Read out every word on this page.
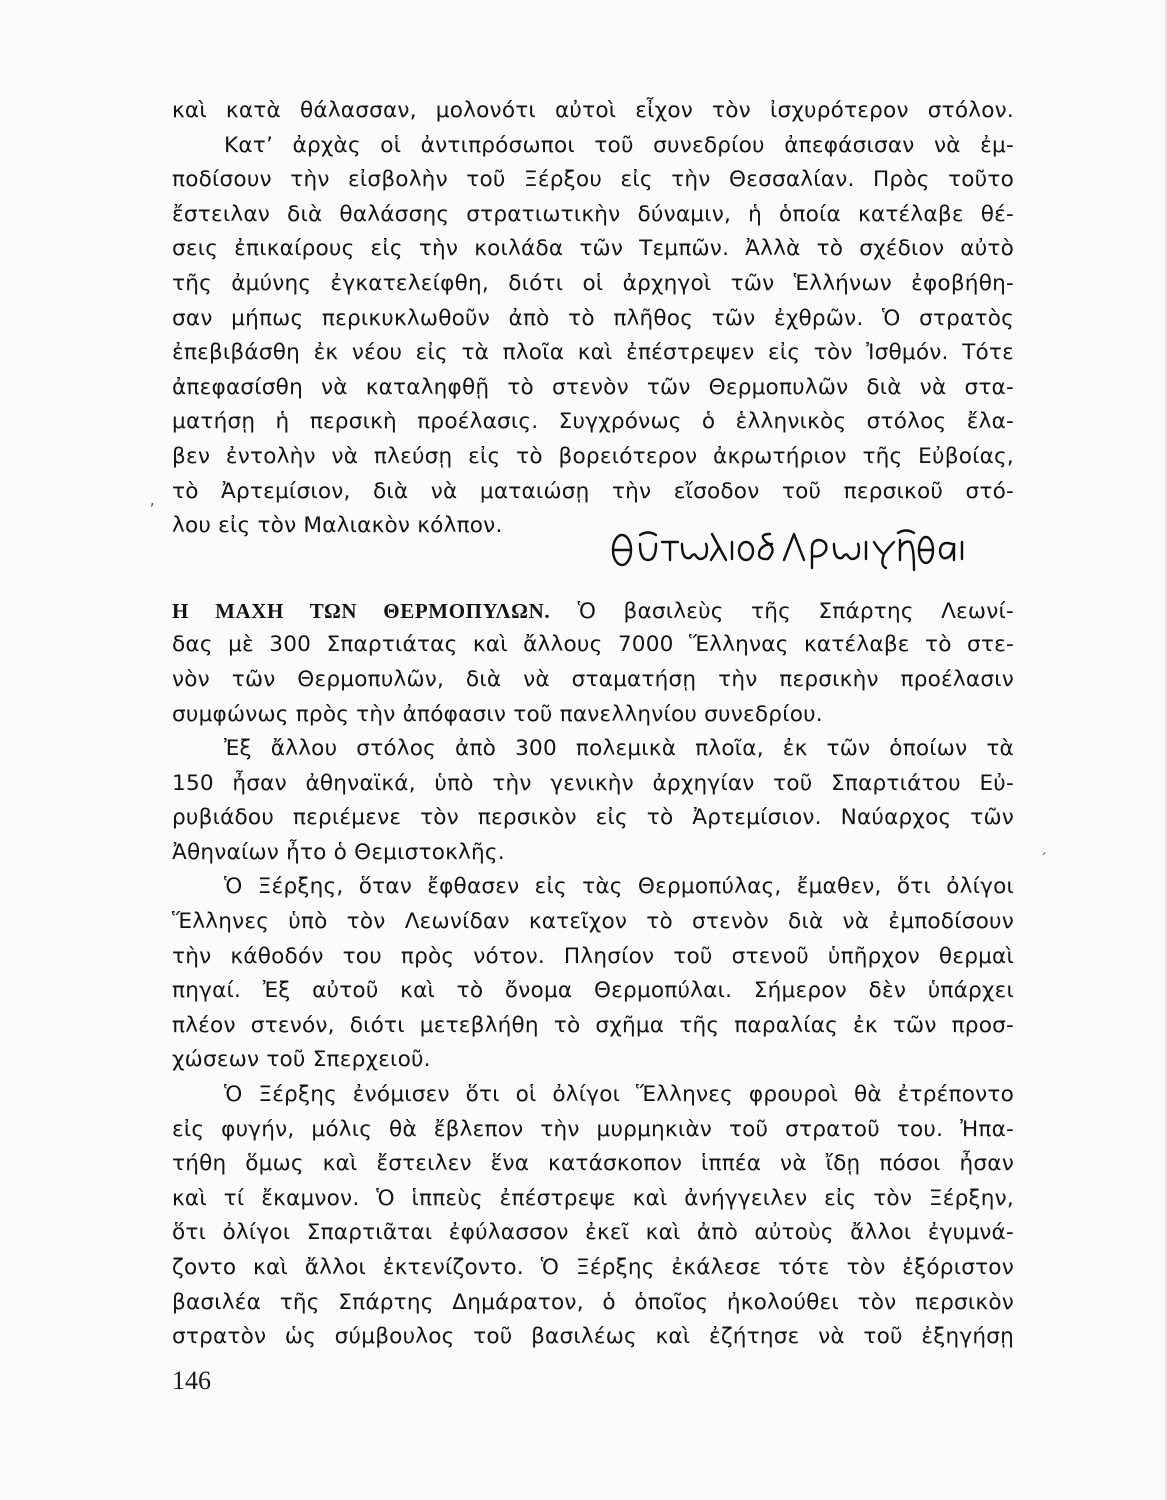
καὶ κατὰ θάλασσαν, μολονότι αὐτοὶ εἶχον τὸν ἰσχυρότερον στόλον.
Κατ’ ἀρχὰς οἱ ἀντιπρόσωποι τοῦ συνεδρίου ἀπεφάσισαν νὰ ἐμ-
ποδίσουν τὴν εἰσβολὴν τοῦ Ξέρξου εἰς τὴν Θεσσαλίαν. Πρὸς τοῦτο
ἔστειλαν διὰ θαλάσσης στρατιωτικὴν δύναμιν, ἡ ὁποία κατέλαβε θέ-
σεις ἐπικαίρους εἰς τὴν κοιλάδα τῶν Τεμπῶν. Ἀλλὰ τὸ σχέδιον αὐτὸ
τῆς ἀμύνης ἐγκατελείφθη, διότι οἱ ἀρχηγοὶ τῶν Ἑλλήνων ἐφοβήθη-
σαν μήπως περικυκλωθοῦν ἀπὸ τὸ πλῆθος τῶν ἐχθρῶν. Ὁ στρατὸς
ἐπεβιβάσθη ἐκ νέου εἰς τὰ πλοῖα καὶ ἐπέστρεψεν εἰς τὸν Ἰσθμόν. Τότε
ἀπεφασίσθη νὰ καταληφθῇ τὸ στενὸν τῶν Θερμοπυλῶν διὰ νὰ στα-
ματήσῃ ἡ περσικὴ προέλασις. Συγχρόνως ὁ ἑλληνικὸς στόλος ἔλα-
βεν ἐντολὴν νὰ πλεύσῃ εἰς τὸ βορειότερον ἀκρωτήριον τῆς Εὐβοίας,
τὸ Ἀρτεμίσιον, διὰ νὰ ματαιώσῃ τὴν εἴσοδον τοῦ περσικοῦ στό-
λου εἰς τὸν Μαλιακὸν κόλπον.
Η ΜΑΧΗ ΤΩΝ ΘΕΡΜΟΠΥΛΩΝ. Ὁ βασιλεὺς τῆς Σπάρτης Λεωνί-
δας μὲ 300 Σπαρτιάτας καὶ ἄλλους 7000 Ἕλληνας κατέλαβε τὸ στε-
νὸν τῶν Θερμοπυλῶν, διὰ νὰ σταματήσῃ τὴν περσικὴν προέλασιν
συμφώνως πρὸς τὴν ἀπόφασιν τοῦ πανελληνίου συνεδρίου.
Ἐξ ἄλλου στόλος ἀπὸ 300 πολεμικὰ πλοῖα, ἐκ τῶν ὁποίων τὰ
150 ἦσαν ἀθηναϊκά, ὑπὸ τὴν γενικὴν ἀρχηγίαν τοῦ Σπαρτιάτου Εὐ-
ρυβιάδου περιέμενε τὸν περσικὸν εἰς τὸ Ἀρτεμίσιον. Ναύαρχος τῶν
Ἀθηναίων ἦτο ὁ Θεμιστοκλῆς.
Ὁ Ξέρξης, ὅταν ἔφθασεν εἰς τὰς Θερμοπύλας, ἔμαθεν, ὅτι ὀλίγοι
Ἕλληνες ὑπὸ τὸν Λεωνίδαν κατεῖχον τὸ στενὸν διὰ νὰ ἐμποδίσουν
τὴν κάθοδόν του πρὸς νότον. Πλησίον τοῦ στενοῦ ὑπῆρχον θερμαὶ
πηγαί. Ἐξ αὐτοῦ καὶ τὸ ὄνομα Θερμοπύλαι. Σήμερον δὲν ὑπάρχει
πλέον στενόν, διότι μετεβλήθη τὸ σχῆμα τῆς παραλίας ἐκ τῶν προσ-
χώσεων τοῦ Σπερχειοῦ.
Ὁ Ξέρξης ἐνόμισεν ὅτι οἱ ὀλίγοι Ἕλληνες φρουροὶ θὰ ἐτρέποντο
εἰς φυγήν, μόλις θὰ ἔβλεπον τὴν μυρμηκιὰν τοῦ στρατοῦ του. Ἠπα-
τήθη ὅμως καὶ ἔστειλεν ἕνα κατάσκοπον ἱππέα νὰ ἴδῃ πόσοι ἦσαν
καὶ τί ἔκαμνον. Ὁ ἱππεὺς ἐπέστρεψε καὶ ἀνήγγειλεν εἰς τὸν Ξέρξην,
ὅτι ὀλίγοι Σπαρτιᾶται ἐφύλασσον ἐκεῖ καὶ ἀπὸ αὐτοὺς ἄλλοι ἐγυμνά-
ζοντο καὶ ἄλλοι ἐκτενίζοντο. Ὁ Ξέρξης ἐκάλεσε τότε τὸν ἐξόριστον
βασιλέα τῆς Σπάρτης Δημάρατον, ὁ ὁποῖος ἠκολούθει τὸν περσικὸν
στρατὸν ὡς σύμβουλος τοῦ βασιλέως καὶ ἐζήτησε νὰ τοῦ ἐξηγήσῃ
,
´
146
